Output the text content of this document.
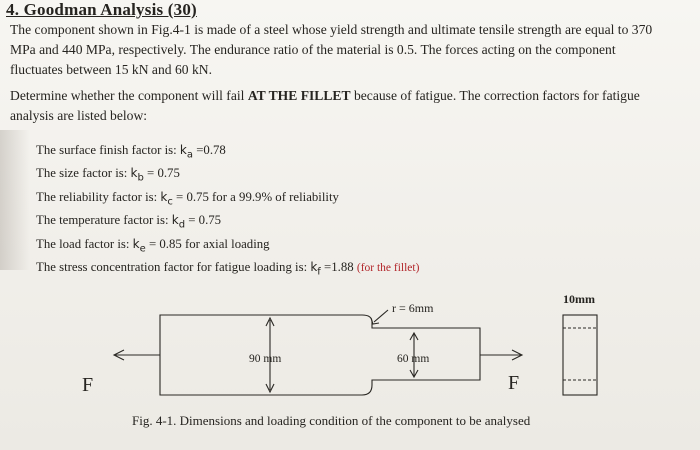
4. Goodman Analysis (30)
The component shown in Fig.4-1 is made of a steel whose yield strength and ultimate tensile strength are equal to 370 MPa and 440 MPa, respectively. The endurance ratio of the material is 0.5. The forces acting on the component fluctuates between 15 kN and 60 kN.
Determine whether the component will fail AT THE FILLET because of fatigue. The correction factors for fatigue analysis are listed below:
The surface finish factor is: $k_a =0.78$
The size factor is: $k_b = 0.75$
The reliability factor is: $k_c = 0.75$ for a 99.9% of reliability
The temperature factor is: $k_d = 0.75$
The load factor is: $k_e = 0.85$ for axial loading
The stress concentration factor for fatigue loading is: $k_f =1.88$ (for the fillet)
r = 6mm
90 mm	60 mm
10mm
F	F
Fig. 4-1. Dimensions and loading condition of the component to be analysed
